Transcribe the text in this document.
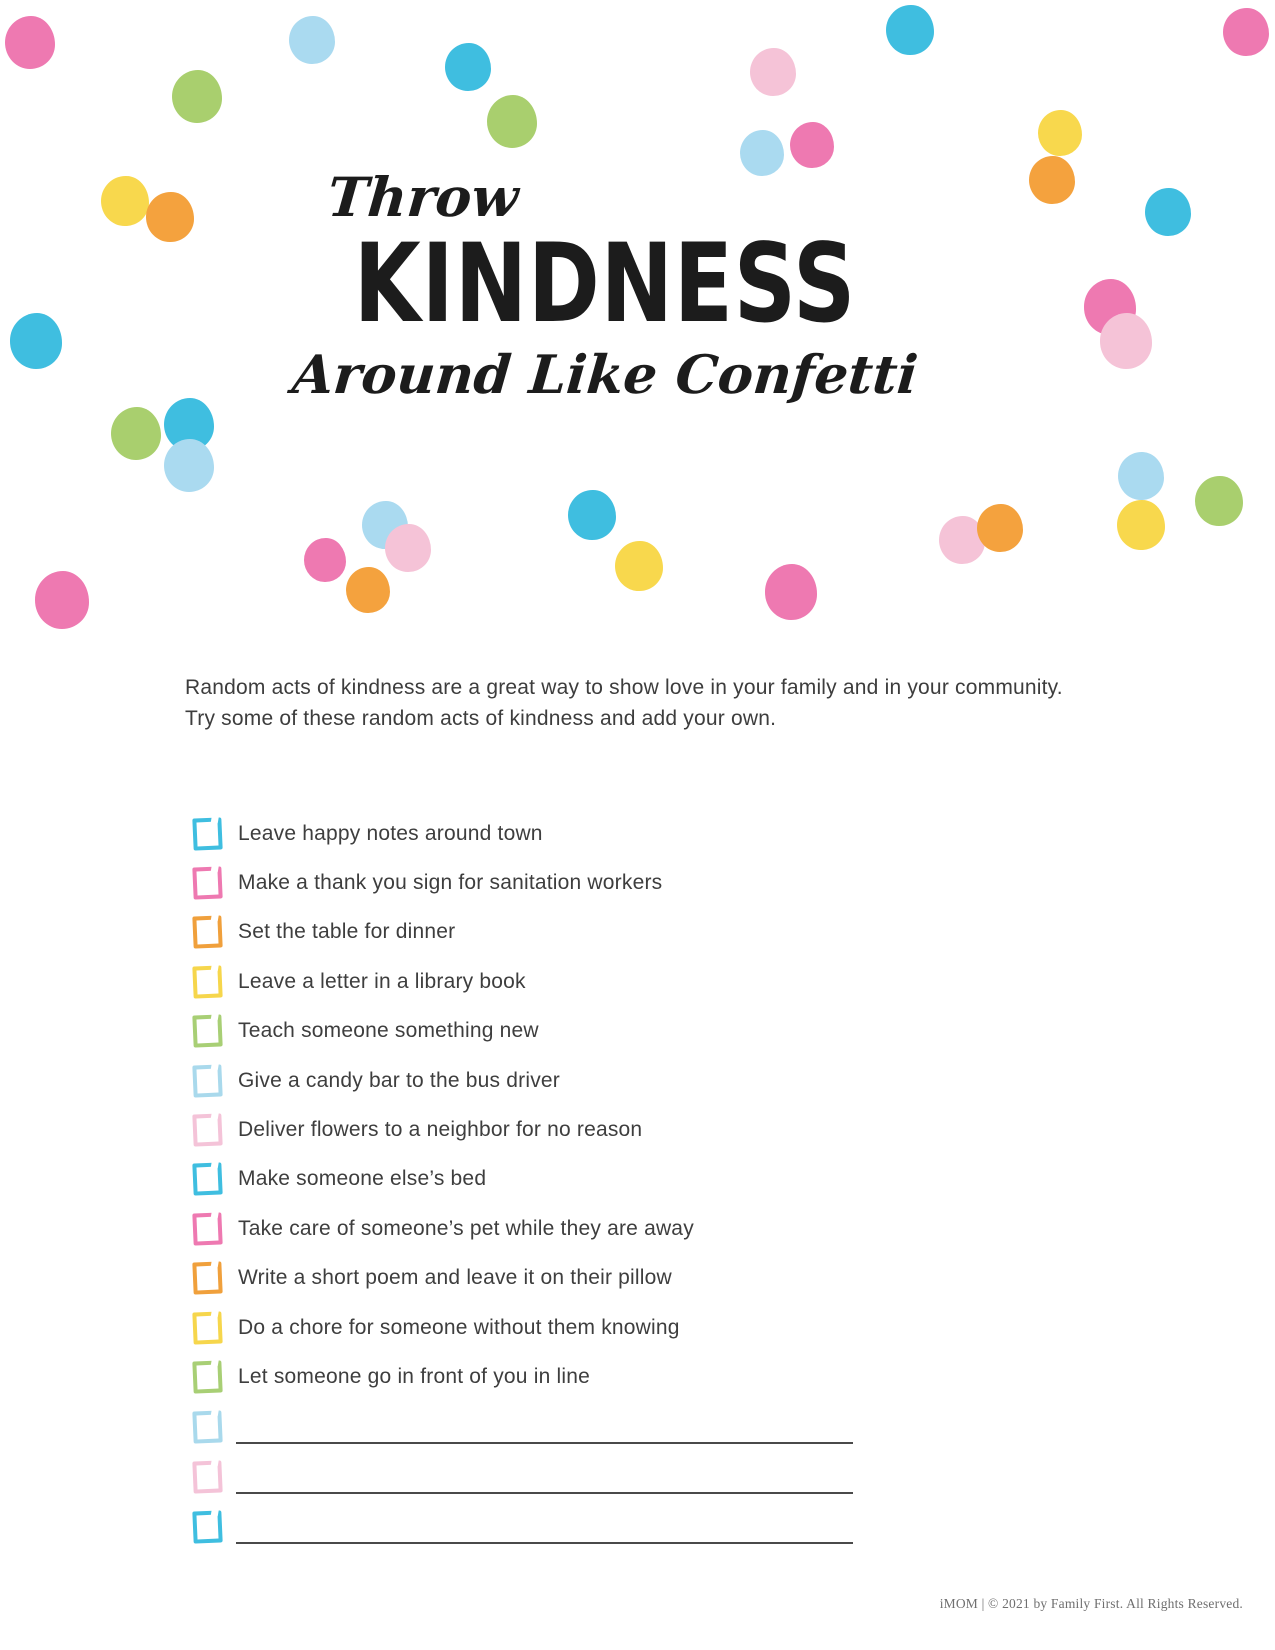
Throw
KINDNESS
Around Like Confetti

Random acts of kindness are a great way to show love in your family and in your community. Try some of these random acts of kindness and add your own.

Leave happy notes around town
Make a thank you sign for sanitation workers
Set the table for dinner
Leave a letter in a library book
Teach someone something new
Give a candy bar to the bus driver
Deliver flowers to a neighbor for no reason
Make someone else’s bed
Take care of someone’s pet while they are away
Write a short poem and leave it on their pillow
Do a chore for someone without them knowing
Let someone go in front of you in line
iMOM | © 2021 by Family First. All Rights Reserved.
